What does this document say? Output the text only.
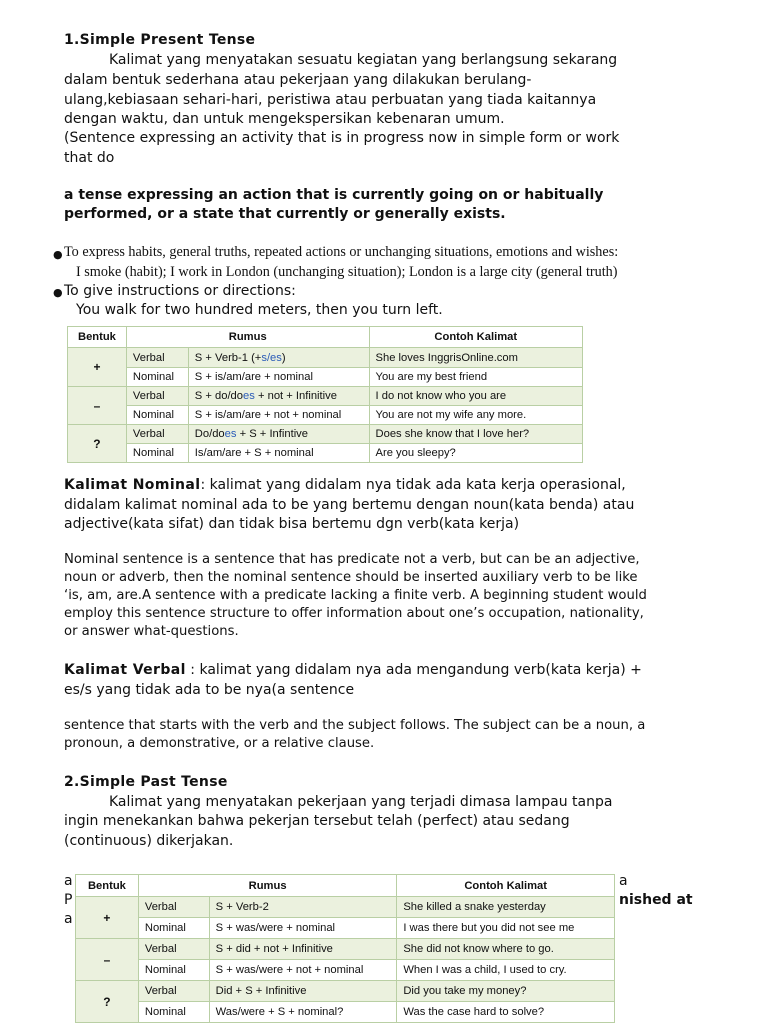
1.Simple Present Tense
Kalimat yang menyatakan sesuatu kegiatan yang berlangsung sekarang
dalam bentuk sederhana atau pekerjaan yang dilakukan berulang-
ulang,kebiasaan sehari-hari, peristiwa atau perbuatan yang tiada kaitannya
dengan waktu, dan untuk mengekspersikan kebenaran umum.
(Sentence expressing an activity that is in progress now in simple form or work
that do
a tense expressing an action that is currently going on or habitually
performed, or a state that currently or generally exists.
● To express habits, general truths, repeated actions or unchanging situations, emotions and wishes:
I smoke (habit); I work in London (unchanging situation); London is a large city (general truth)
● To give instructions or directions:
You walk for two hundred meters, then you turn left.
Bentuk	Rumus		Contoh Kalimat
+	Verbal	S + Verb-1 (+s/es)	She loves InggrisOnline.com
	Nominal	S + is/am/are + nominal	You are my best friend
–	Verbal	S + do/does + not + Infinitive	I do not know who you are
	Nominal	S + is/am/are + not + nominal	You are not my wife any more.
?	Verbal	Do/does + S + Infintive	Does she know that I love her?
	Nominal	Is/am/are + S + nominal	Are you sleepy?
Kalimat Nominal: kalimat yang didalam nya tidak ada kata kerja operasional,
didalam kalimat nominal ada to be yang bertemu dengan noun(kata benda) atau
adjective(kata sifat) dan tidak bisa bertemu dgn verb(kata kerja)
Nominal sentence is a sentence that has predicate not a verb, but can be an adjective,
noun or adverb, then the nominal sentence should be inserted auxiliary verb to be like
‘is, am, are.A sentence with a predicate lacking a finite verb. A beginning student would
employ this sentence structure to offer information about one’s occupation, nationality,
or answer what-questions.
Kalimat Verbal : kalimat yang didalam nya ada mengandung verb(kata kerja) +
es/s yang tidak ada to be nya(a sentence
sentence that starts with the verb and the subject follows. The subject can be a noun, a
pronoun, a demonstrative, or a relative clause.
2.Simple Past Tense
Kalimat yang menyatakan pekerjaan yang terjadi dimasa lampau tanpa
ingin menekankan bahwa pekerjan tersebut telah (perfect) atau sedang
(continuous) dikerjakan.
a
P
a
a
nished at
Bentuk	Rumus		Contoh Kalimat
+	Verbal	S + Verb-2	She killed a snake yesterday
	Nominal	S + was/were + nominal	I was there but you did not see me
–	Verbal	S + did + not + Infinitive	She did not know where to go.
	Nominal	S + was/were + not + nominal	When I was a child, I used to cry.
?	Verbal	Did + S + Infinitive	Did you take my money?
	Nominal	Was/were + S + nominal?	Was the case hard to solve?
